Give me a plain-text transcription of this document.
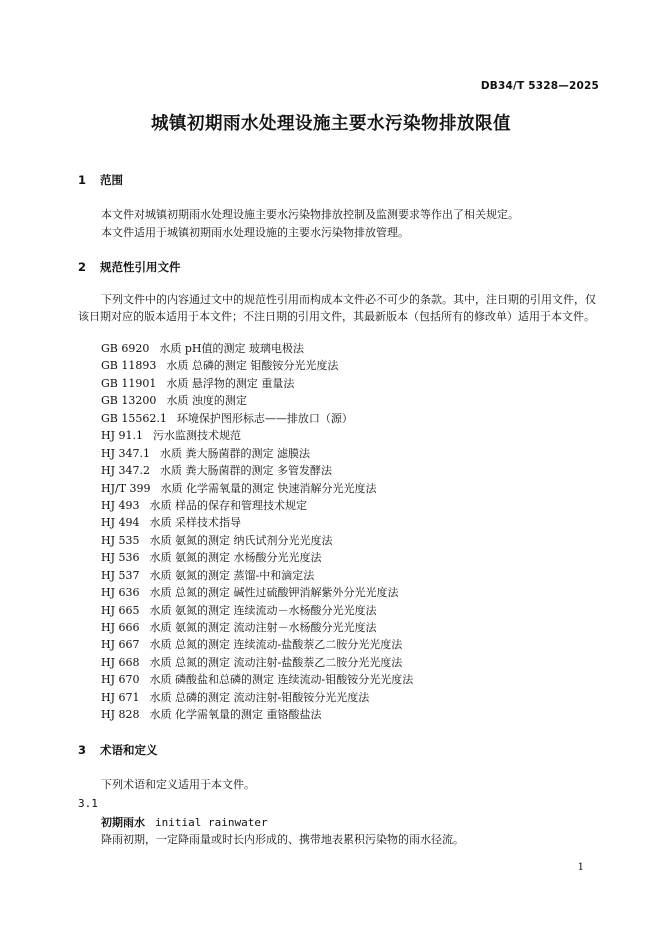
DB34/T 5328—2025
城镇初期雨水处理设施主要水污染物排放限值
1 范围
本文件对城镇初期雨水处理设施主要水污染物排放控制及监测要求等作出了相关规定。
本文件适用于城镇初期雨水处理设施的主要水污染物排放管理。
2 规范性引用文件
下列文件中的内容通过文中的规范性引用而构成本文件必不可少的条款。其中，注日期的引用文件，仅该日期对应的版本适用于本文件；不注日期的引用文件，其最新版本（包括所有的修改单）适用于本文件。
GB 6920 水质 pH值的测定 玻璃电极法
GB 11893 水质 总磷的测定 钼酸铵分光光度法
GB 11901 水质 悬浮物的测定 重量法
GB 13200 水质 浊度的测定
GB 15562.1 环境保护图形标志——排放口（源）
HJ 91.1 污水监测技术规范
HJ 347.1 水质 粪大肠菌群的测定 滤膜法
HJ 347.2 水质 粪大肠菌群的测定 多管发酵法
HJ/T 399 水质 化学需氧量的测定 快速消解分光光度法
HJ 493 水质 样品的保存和管理技术规定
HJ 494 水质 采样技术指导
HJ 535 水质 氨氮的测定 纳氏试剂分光光度法
HJ 536 水质 氨氮的测定 水杨酸分光光度法
HJ 537 水质 氨氮的测定 蒸馏-中和滴定法
HJ 636 水质 总氮的测定 碱性过硫酸钾消解紫外分光光度法
HJ 665 水质 氨氮的测定 连续流动－水杨酸分光光度法
HJ 666 水质 氨氮的测定 流动注射－水杨酸分光光度法
HJ 667 水质 总氮的测定 连续流动-盐酸萘乙二胺分光光度法
HJ 668 水质 总氮的测定 流动注射-盐酸萘乙二胺分光光度法
HJ 670 水质 磷酸盐和总磷的测定 连续流动-钼酸铵分光光度法
HJ 671 水质 总磷的测定 流动注射-钼酸铵分光光度法
HJ 828 水质 化学需氧量的测定 重铬酸盐法
3 术语和定义
下列术语和定义适用于本文件。
3.1
初期雨水 initial rainwater
降雨初期，一定降雨量或时长内形成的、携带地表累积污染物的雨水径流。
1
